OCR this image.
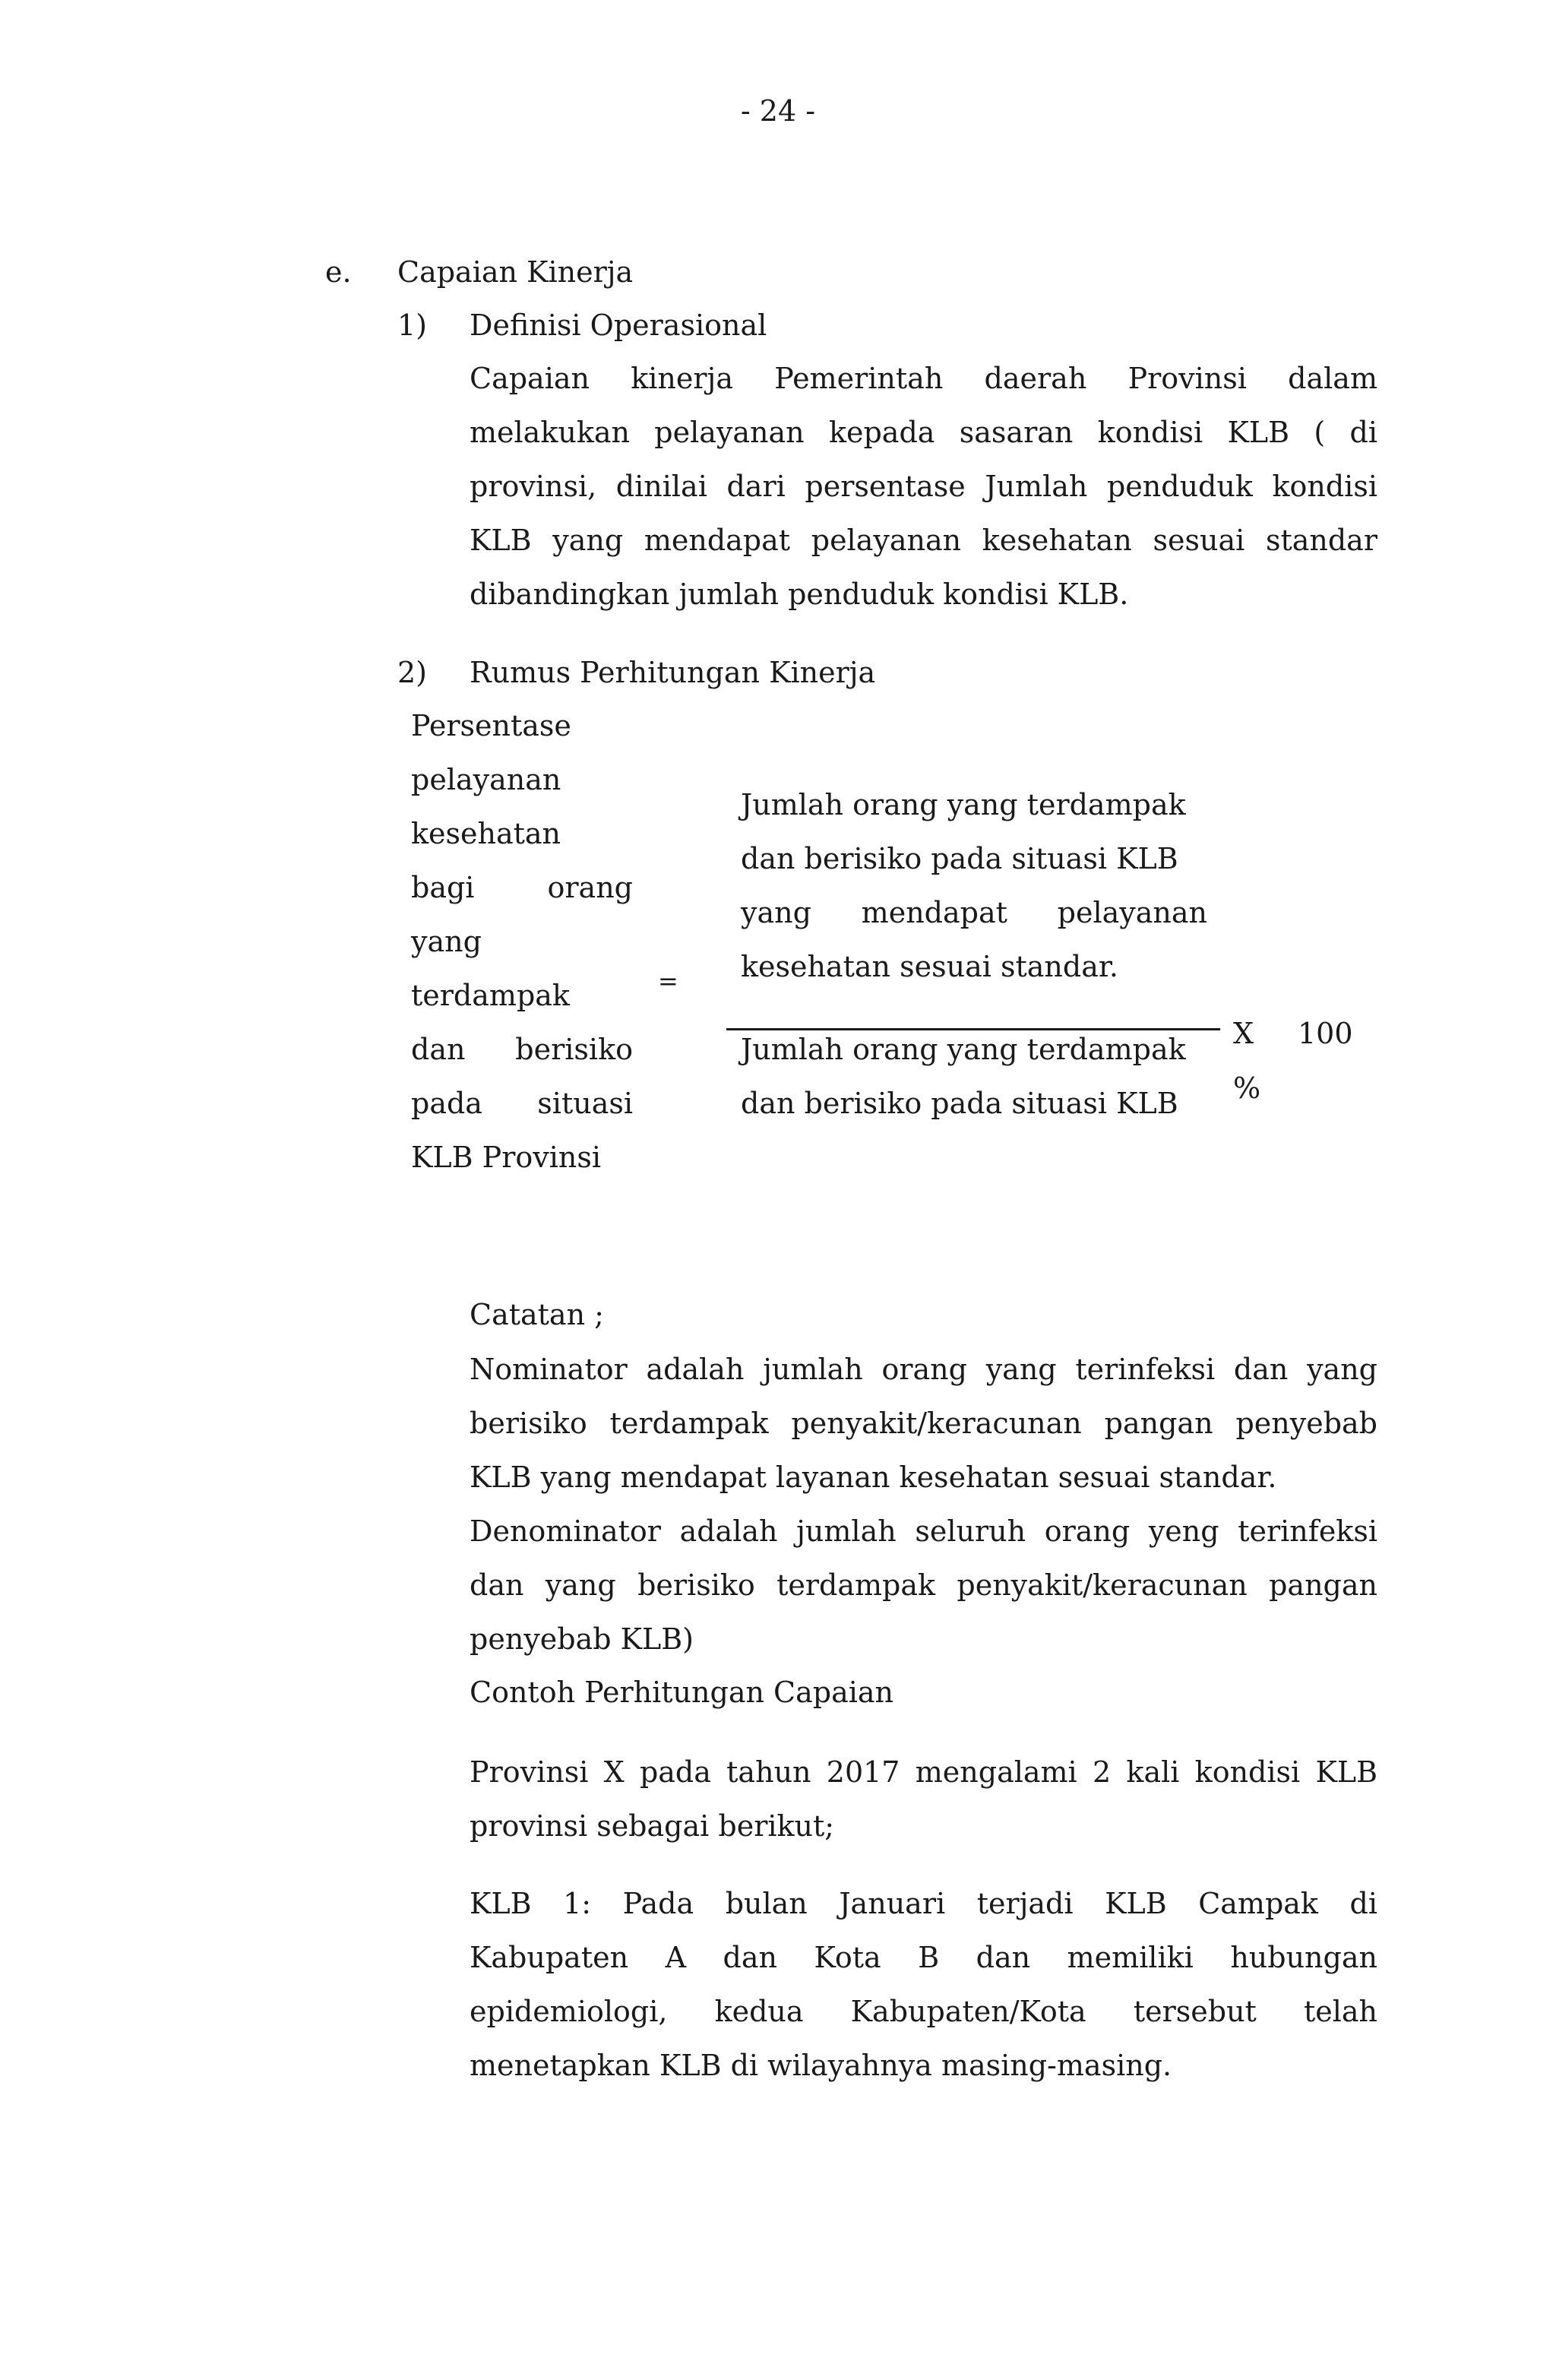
- 24 -
e. Capaian Kinerja
1) Definisi Operasional
Capaian kinerja Pemerintah daerah Provinsi dalam
melakukan pelayanan kepada sasaran kondisi KLB ( di
provinsi, dinilai dari persentase Jumlah penduduk kondisi
KLB yang mendapat pelayanan kesehatan sesuai standar
dibandingkan jumlah penduduk kondisi KLB.
2) Rumus Perhitungan Kinerja
Persentase
pelayanan
kesehatan
bagi orang
yang
terdampak
dan berisiko
pada situasi
KLB Provinsi
=
Jumlah orang yang terdampak
dan berisiko pada situasi KLB
yang mendapat pelayanan
kesehatan sesuai standar.
Jumlah orang yang terdampak
dan berisiko pada situasi KLB
X 100
%
Catatan ;
Nominator adalah jumlah orang yang terinfeksi dan yang
berisiko terdampak penyakit/keracunan pangan penyebab
KLB yang mendapat layanan kesehatan sesuai standar.
Denominator adalah jumlah seluruh orang yeng terinfeksi
dan yang berisiko terdampak penyakit/keracunan pangan
penyebab KLB)
Contoh Perhitungan Capaian
Provinsi X pada tahun 2017 mengalami 2 kali kondisi KLB
provinsi sebagai berikut;
KLB 1: Pada bulan Januari terjadi KLB Campak di
Kabupaten A dan Kota B dan memiliki hubungan
epidemiologi, kedua Kabupaten/Kota tersebut telah
menetapkan KLB di wilayahnya masing-masing.
